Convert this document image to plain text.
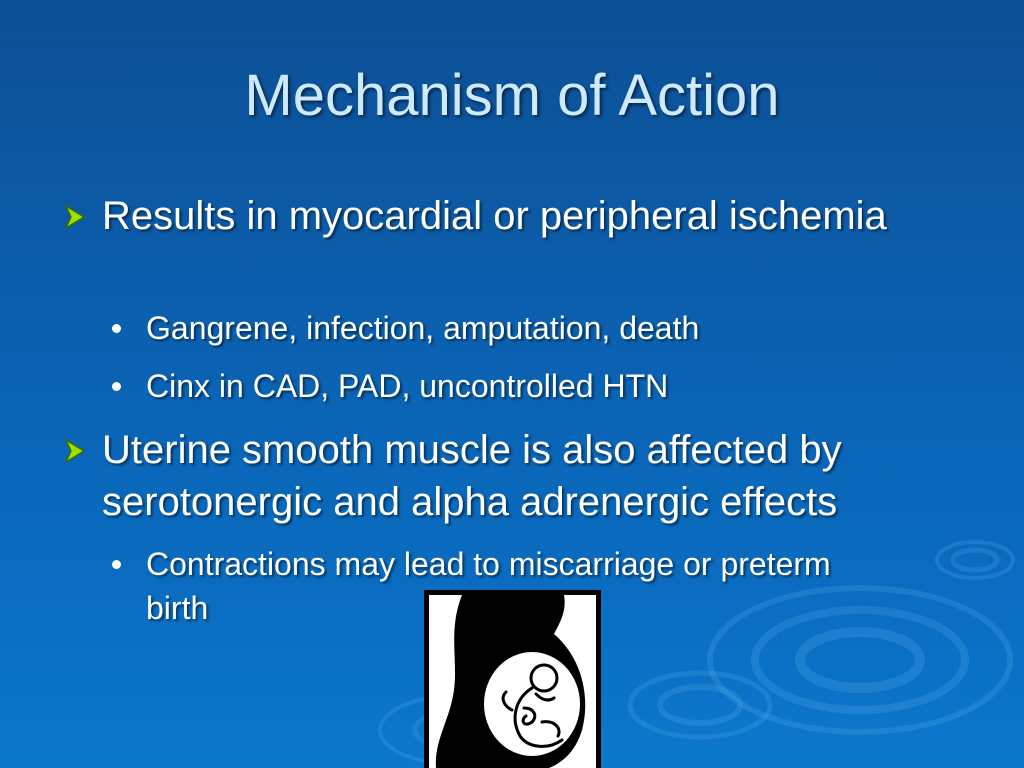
Mechanism of Action
Results in myocardial or peripheral ischemia
Gangrene, infection, amputation, death
Cinx in CAD, PAD, uncontrolled HTN
Uterine smooth muscle is also affected by serotonergic and alpha adrenergic effects
Contractions may lead to miscarriage or preterm birth
